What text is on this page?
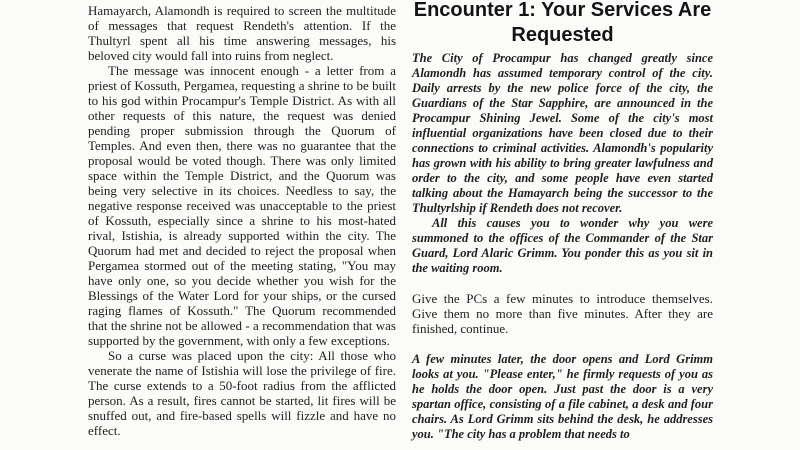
Hamayarch, Alamondh is required to screen the multitude of messages that request Rendeth's attention. If the Thultyrl spent all his time answering messages, his beloved city would fall into ruins from neglect.

The message was innocent enough - a letter from a priest of Kossuth, Pergamea, requesting a shrine to be built to his god within Procampur's Temple District. As with all other requests of this nature, the request was denied pending proper submission through the Quorum of Temples. And even then, there was no guarantee that the proposal would be voted though. There was only limited space within the Temple District, and the Quorum was being very selective in its choices. Needless to say, the negative response received was unacceptable to the priest of Kossuth, especially since a shrine to his most-hated rival, Istishia, is already supported within the city. The Quorum had met and decided to reject the proposal when Pergamea stormed out of the meeting stating, "You may have only one, so you decide whether you wish for the Blessings of the Water Lord for your ships, or the cursed raging flames of Kossuth." The Quorum recommended that the shrine not be allowed - a recommendation that was supported by the government, with only a few exceptions.

So a curse was placed upon the city: All those who venerate the name of Istishia will lose the privilege of fire. The curse extends to a 50-foot radius from the afflicted person. As a result, fires cannot be started, lit fires will be snuffed out, and fire-based spells will fizzle and have no effect.

Encounter 1: Your Services Are Requested

The City of Procampur has changed greatly since Alamondh has assumed temporary control of the city. Daily arrests by the new police force of the city, the Guardians of the Star Sapphire, are announced in the Procampur Shining Jewel. Some of the city's most influential organizations have been closed due to their connections to criminal activities. Alamondh's popularity has grown with his ability to bring greater lawfulness and order to the city, and some people have even started talking about the Hamayarch being the successor to the Thultyrlship if Rendeth does not recover.

All this causes you to wonder why you were summoned to the offices of the Commander of the Star Guard, Lord Alaric Grimm. You ponder this as you sit in the waiting room.

Give the PCs a few minutes to introduce themselves. Give them no more than five minutes. After they are finished, continue.

A few minutes later, the door opens and Lord Grimm looks at you. "Please enter," he firmly requests of you as he holds the door open. Just past the door is a very spartan office, consisting of a file cabinet, a desk and four chairs. As Lord Grimm sits behind the desk, he addresses you. "The city has a problem that needs to
